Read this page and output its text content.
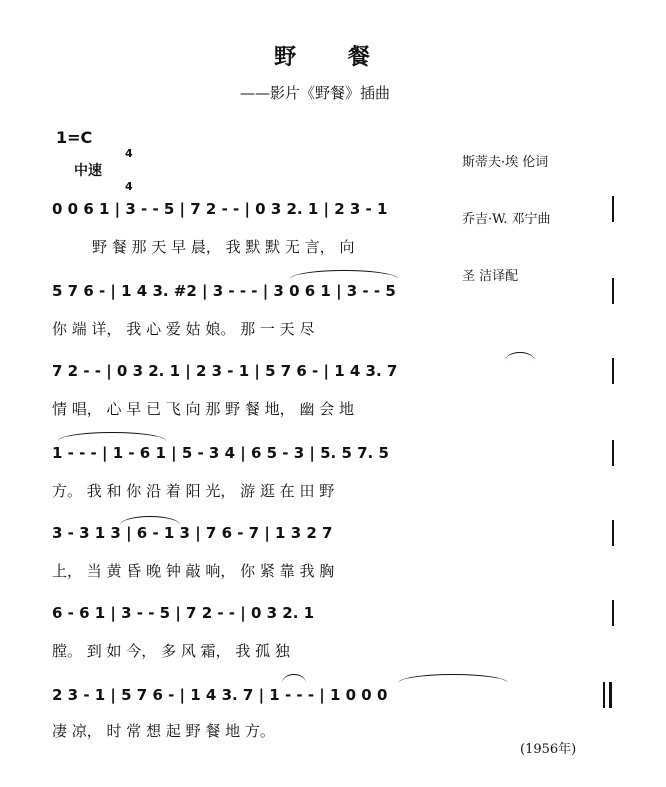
野 餐
——影片《野餐》插曲
1=C

4

4

中速

斯蒂夫·埃 伦词

乔吉·W. 邓宁曲

圣 洁译配

0 0 6 1 | 3 - - 5 | 7 2 - - | 0 3 2. 1 | 2 3 - 1
野 餐 那 天 早 晨， 我 默 默 无 言， 向
5 7 6 - | 1 4 3. #2 | 3 - - - | 3 0 6 1 | 3 - - 5
你 端 详， 我 心 爱 姑 娘。 那 一 天 尽
7 2 - - | 0 3 2. 1 | 2 3 - 1 | 5 7 6 - | 1 4 3. 7
情 唱， 心 早 已 飞 向 那 野 餐 地， 幽 会 地
1 - - - | 1 - 6 1 | 5 - 3 4 | 6 5 - 3 | 5. 5 7. 5
方。 我 和 你 沿 着 阳 光， 游 逛 在 田 野
3 - 3 1 3 | 6 - 1 3 | 7 6 - 7 | 1 3 2 7
上， 当 黄 昏 晚 钟 敲 响， 你 紧 靠 我 胸
6 - 6 1 | 3 - - 5 | 7 2 - - | 0 3 2. 1
膛。 到 如 今， 多 风 霜， 我 孤 独
2 3 - 1 | 5 7 6 - | 1 4 3. 7 | 1 - - - | 1 0 0 0
凄 凉， 时 常 想 起 野 餐 地 方。
(1956年)
